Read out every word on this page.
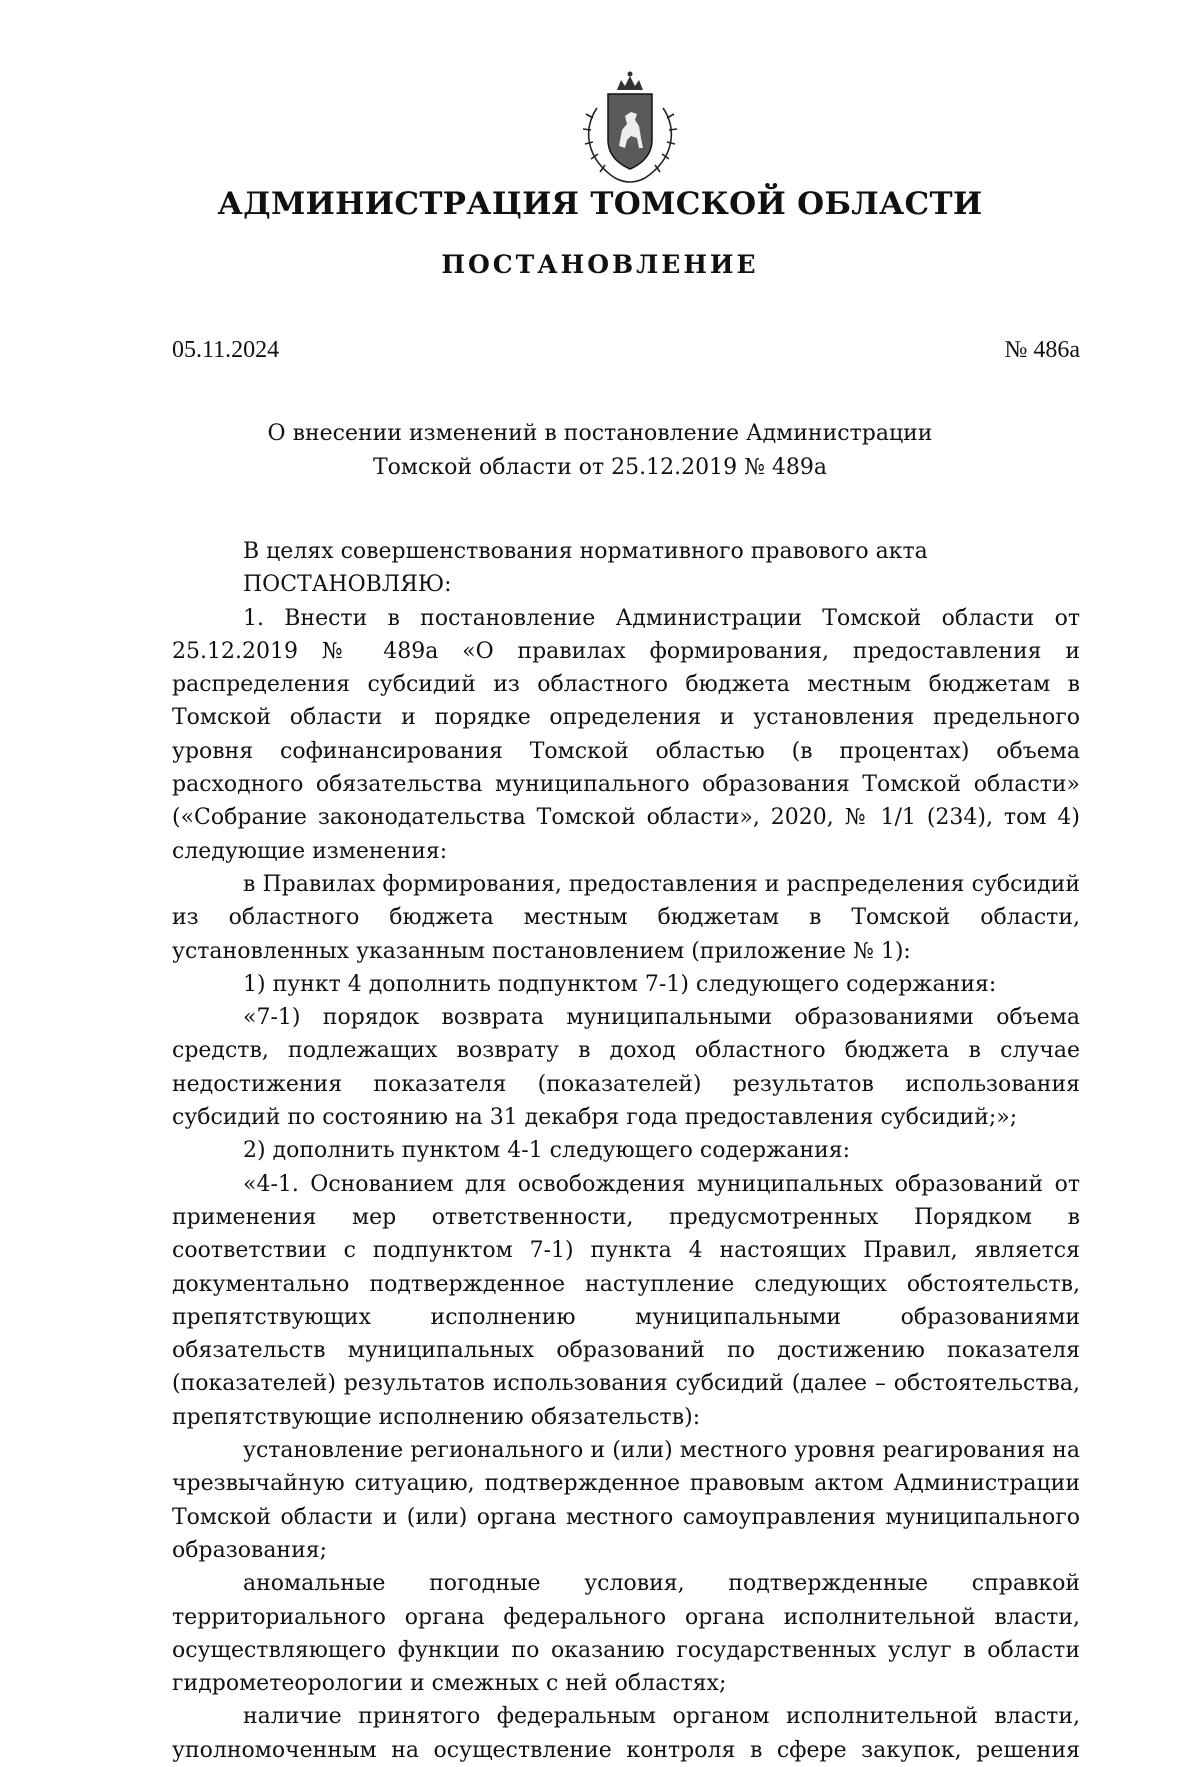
АДМИНИСТРАЦИЯ ТОМСКОЙ ОБЛАСТИ
ПОСТАНОВЛЕНИЕ
05.11.2024	№ 486а
О внесении изменений в постановление Администрации
Томской области от 25.12.2019 № 489а

В целях совершенствования нормативного правового акта

ПОСТАНОВЛЯЮ:

1. Внести в постановление Администрации Томской области от 25.12.2019 № 489а «О правилах формирования, предоставления и распределения субсидий из областного бюджета местным бюджетам в Томской области и порядке определения и установления предельного уровня софинансирования Томской областью (в процентах) объема расходного обязательства муниципального образования Томской области» («Собрание законодательства Томской области», 2020, № 1/1 (234), том 4) следующие изменения:

в Правилах формирования, предоставления и распределения субсидий из областного бюджета местным бюджетам в Томской области, установленных указанным постановлением (приложение № 1):

1) пункт 4 дополнить подпунктом 7-1) следующего содержания:

«7-1) порядок возврата муниципальными образованиями объема средств, подлежащих возврату в доход областного бюджета в случае недостижения показателя (показателей) результатов использования субсидий по состоянию на 31 декабря года предоставления субсидий;»;

2) дополнить пунктом 4-1 следующего содержания:

«4-1. Основанием для освобождения муниципальных образований от применения мер ответственности, предусмотренных Порядком в соответствии с подпунктом 7-1) пункта 4 настоящих Правил, является документально подтвержденное наступление следующих обстоятельств, препятствующих исполнению муниципальными образованиями обязательств муниципальных образований по достижению показателя (показателей) результатов использования субсидий (далее – обстоятельства, препятствующие исполнению обязательств):

установление регионального и (или) местного уровня реагирования на чрезвычайную ситуацию, подтвержденное правовым актом Администрации Томской области и (или) органа местного самоуправления муниципального образования;

аномальные погодные условия, подтвержденные справкой территориального органа федерального органа исполнительной власти, осуществляющего функции по оказанию государственных услуг в области гидрометеорологии и смежных с ней областях;

наличие принятого федеральным органом исполнительной власти, уполномоченным на осуществление контроля в сфере закупок, решения
